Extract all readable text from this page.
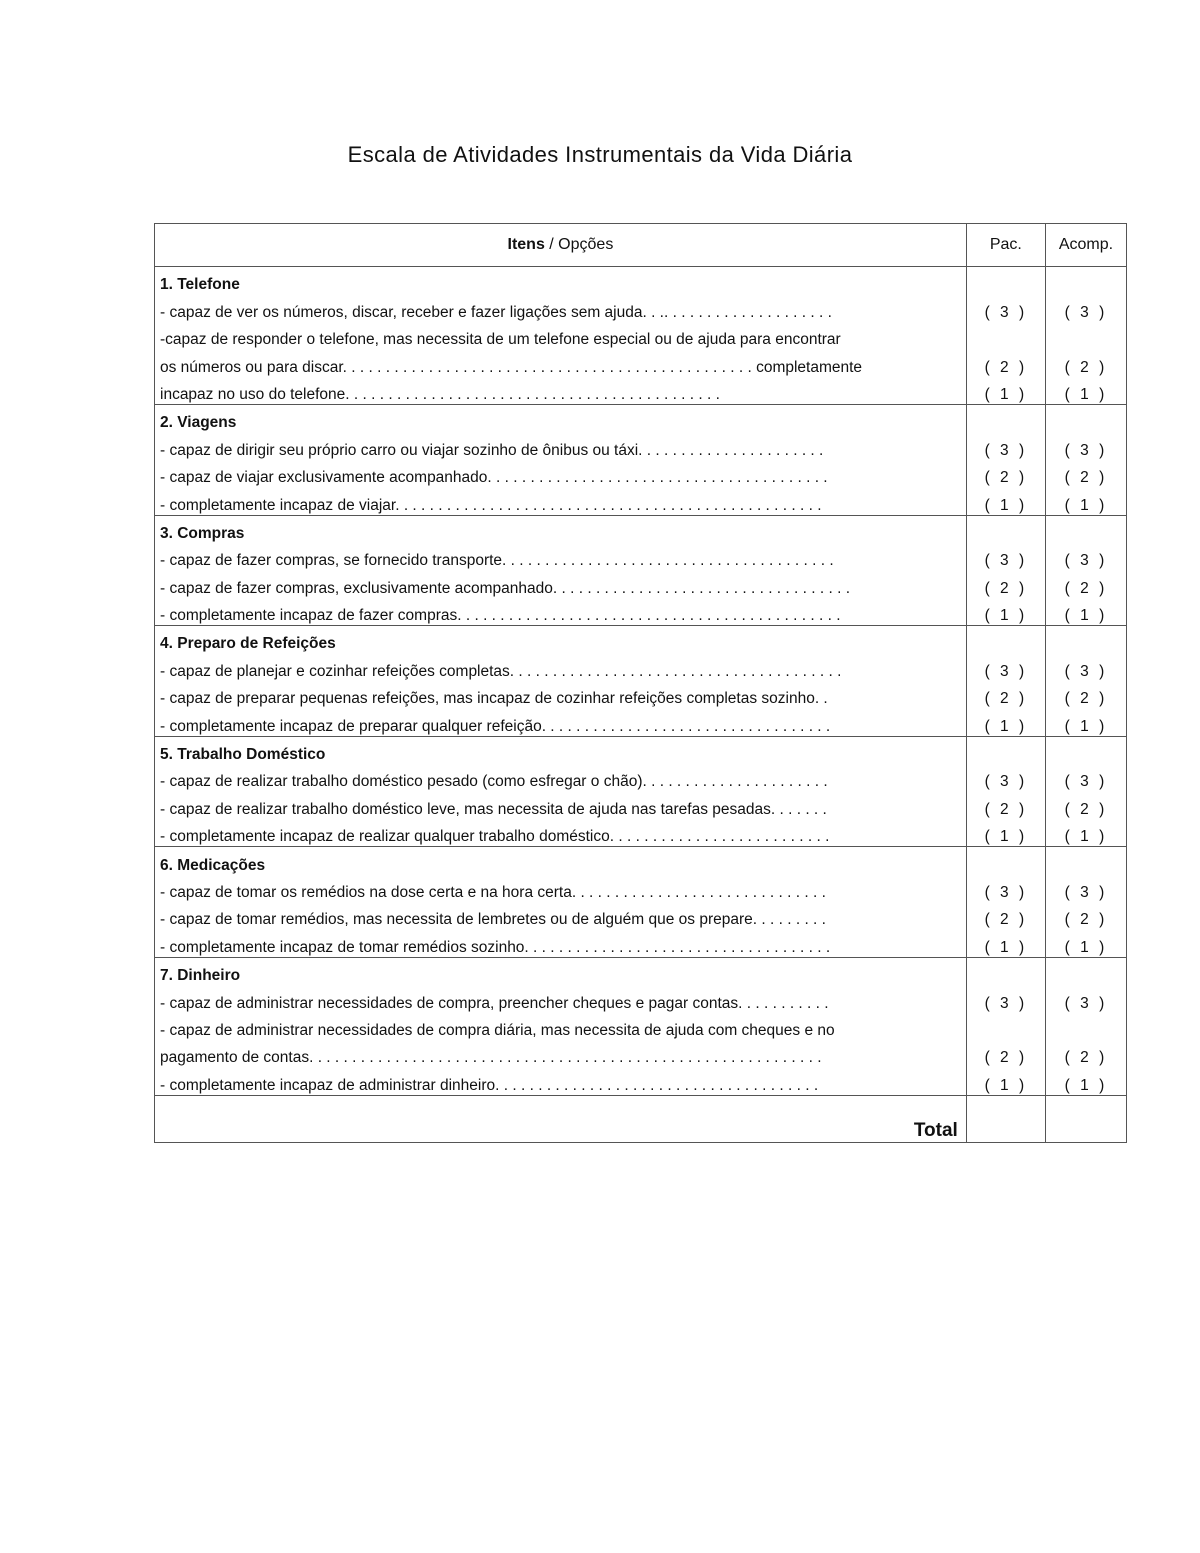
Escala de Atividades Instrumentais da Vida Diária
Itens / Opções	Pac.	Acomp.
1. Telefone		
- capaz de ver os números, discar, receber e fazer ligações sem ajuda. . .. . . . . . . . . . . . . . . . . . . .	( 3 )	( 3 )
-capaz de responder o telefone, mas necessita de um telefone especial ou de ajuda para encontrar		
os números ou para discar. . . . . . . . . . . . . . . . . . . . . . . . . . . . . . . . . . . . . . . . . . . . . . . . completamente	( 2 )	( 2 )
incapaz no uso do telefone. . . . . . . . . . . . . . . . . . . . . . . . . . . . . . . . . . . . . . . . . . . .	( 1 )	( 1 )
2. Viagens		
- capaz de dirigir seu próprio carro ou viajar sozinho de ônibus ou táxi. . . . . . . . . . . . . . . . . . . . . .	( 3 )	( 3 )
- capaz de viajar exclusivamente acompanhado. . . . . . . . . . . . . . . . . . . . . . . . . . . . . . . . . . . . . . . .	( 2 )	( 2 )
- completamente incapaz de viajar. . . . . . . . . . . . . . . . . . . . . . . . . . . . . . . . . . . . . . . . . . . . . . . . . .	( 1 )	( 1 )
3. Compras		
- capaz de fazer compras, se fornecido transporte. . . . . . . . . . . . . . . . . . . . . . . . . . . . . . . . . . . . . . .	( 3 )	( 3 )
- capaz de fazer compras, exclusivamente acompanhado. . . . . . . . . . . . . . . . . . . . . . . . . . . . . . . . . . .	( 2 )	( 2 )
- completamente incapaz de fazer compras. . . . . . . . . . . . . . . . . . . . . . . . . . . . . . . . . . . . . . . . . . . . .	( 1 )	( 1 )
4. Preparo de Refeições		
- capaz de planejar e cozinhar refeições completas. . . . . . . . . . . . . . . . . . . . . . . . . . . . . . . . . . . . . . .	( 3 )	( 3 )
- capaz de preparar pequenas refeições, mas incapaz de cozinhar refeições completas sozinho. .	( 2 )	( 2 )
- completamente incapaz de preparar qualquer refeição. . . . . . . . . . . . . . . . . . . . . . . . . . . . . . . . . .	( 1 )	( 1 )
5. Trabalho Doméstico		
- capaz de realizar trabalho doméstico pesado (como esfregar o chão). . . . . . . . . . . . . . . . . . . . . .	( 3 )	( 3 )
- capaz de realizar trabalho doméstico leve, mas necessita de ajuda nas tarefas pesadas. . . . . . .	( 2 )	( 2 )
- completamente incapaz de realizar qualquer trabalho doméstico. . . . . . . . . . . . . . . . . . . . . . . . . .	( 1 )	( 1 )
6. Medicações		
- capaz de tomar os remédios na dose certa e na hora certa. . . . . . . . . . . . . . . . . . . . . . . . . . . . . .	( 3 )	( 3 )
- capaz de tomar remédios, mas necessita de lembretes ou de alguém que os prepare. . . . . . . . .	( 2 )	( 2 )
- completamente incapaz de tomar remédios sozinho. . . . . . . . . . . . . . . . . . . . . . . . . . . . . . . . . . . .	( 1 )	( 1 )
7. Dinheiro		
- capaz de administrar necessidades de compra, preencher cheques e pagar contas. . . . . . . . . . .	( 3 )	( 3 )
- capaz de administrar necessidades de compra diária, mas necessita de ajuda com cheques e no		
pagamento de contas. . . . . . . . . . . . . . . . . . . . . . . . . . . . . . . . . . . . . . . . . . . . . . . . . . . . . . . . . . . .	( 2 )	( 2 )
- completamente incapaz de administrar dinheiro. . . . . . . . . . . . . . . . . . . . . . . . . . . . . . . . . . . . . .	( 1 )	( 1 )
Total		
